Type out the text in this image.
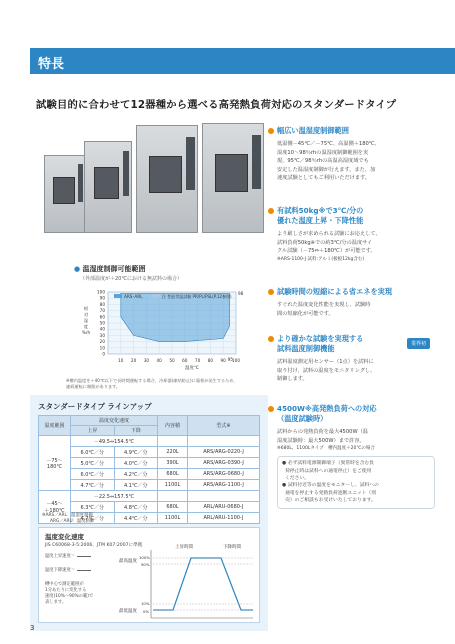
特長
試験目的に合わせて12器種から選べる高発熱負荷対応のスタンダードタイプ
幅広い温湿度制御範囲
低温側－45℃／－75℃、高温側＋180℃、
湿度10～98％rhの温湿度制御範囲を実
現。95℃／98％rhの高温高湿度域でも
安定した温湿度制御が行えます。また、加
速度試験としてもご利用いただけます。
有試料50kg※で3℃/分の
優れた温度上昇・下降性能
より厳しさが求められる試験にお応えして、
試料負荷50kg※での約3℃/分の温度サイ
クル試験（－75⇔＋180℃）が可能です。
※ARS-1100-J 試料:アルミ(板板12kg含む)
試験時間の短縮による省エネを実現
すぐれた温度変化性能を実現し、試験時
間の短縮化が可能です。
より確かな試験を実現する
試料温度制御機能	業界初
試料温度測定用センサー（1点）を試料に
取り付け、試料の温度をモニタリングし、
制御します。
4500W※高発熱負荷への対応
（温度試験時）
試料からの発熱負荷を最大4500W（温
湿度試験時：最大500W）まで許容。
※680L、1100Lタイプ　槽内温度＋20℃の場合
● 必ず試料電源制御端子（異常時を含む負
荷停止時は試料への通電停止）をご使用
ください。
● 試料付近等の温度をモニターし、試料への
通電を停止する発熱負荷遮断ユニット（別
売）のご相談もお受けいたしております。
● 温湿度制御可能範囲
（外部温度が＋20℃における無試料の場合）
ARS･ARL	注 性能等温試験 PR/PL/PSL(P.12参照)
98
95
100
90
80
70
60
50
40
30
20
10
0
10 20 30 40 50 60 70 80 90 100
温度℃
相
対
湿
度
%rh
※槽内温度を＋40℃以下で長時間運転する場合、冷却器(凍結防止)に霜着が発生するため、
連続運転に制限があります。
スタンダードタイプ ラインアップ
温度範囲	温度変化速度		内容積	型式※
	上昇	下降		
－75～
180℃	－49.5⇔154.5℃			
	6.0℃／分	4.9℃／分	220L	ARS/ARG-0220-J
	5.0℃／分	4.0℃／分	390L	ARS/ARG-0390-J
	6.0℃／分	4.2℃／分	680L	ARS/ARG-0680-J
	4.7℃／分	4.1℃／分	1100L	ARS/ARG-1100-J
－45～
＋180℃	－22.5⇔157.5℃			
	6.3℃／分	4.8℃／分	680L	ARL/ARU-0680-J
	4.7℃／分	4.4℃／分	1100L	ARL/ARU-1100-J
※ARS／ARL：温湿度制御
ARG／ARU：温度制御
温度変化速度
JIS C60068-3-5:2006、JTM K07:2007に準拠
温度上昇速度＝
温度下降速度＝
槽中心で測定範囲が
1分あたりに変化する
速度(10%～90%の範)で
表します。
上昇時間	下降時間
最高温度
最低温度
100%
90%
10%
0%
3
